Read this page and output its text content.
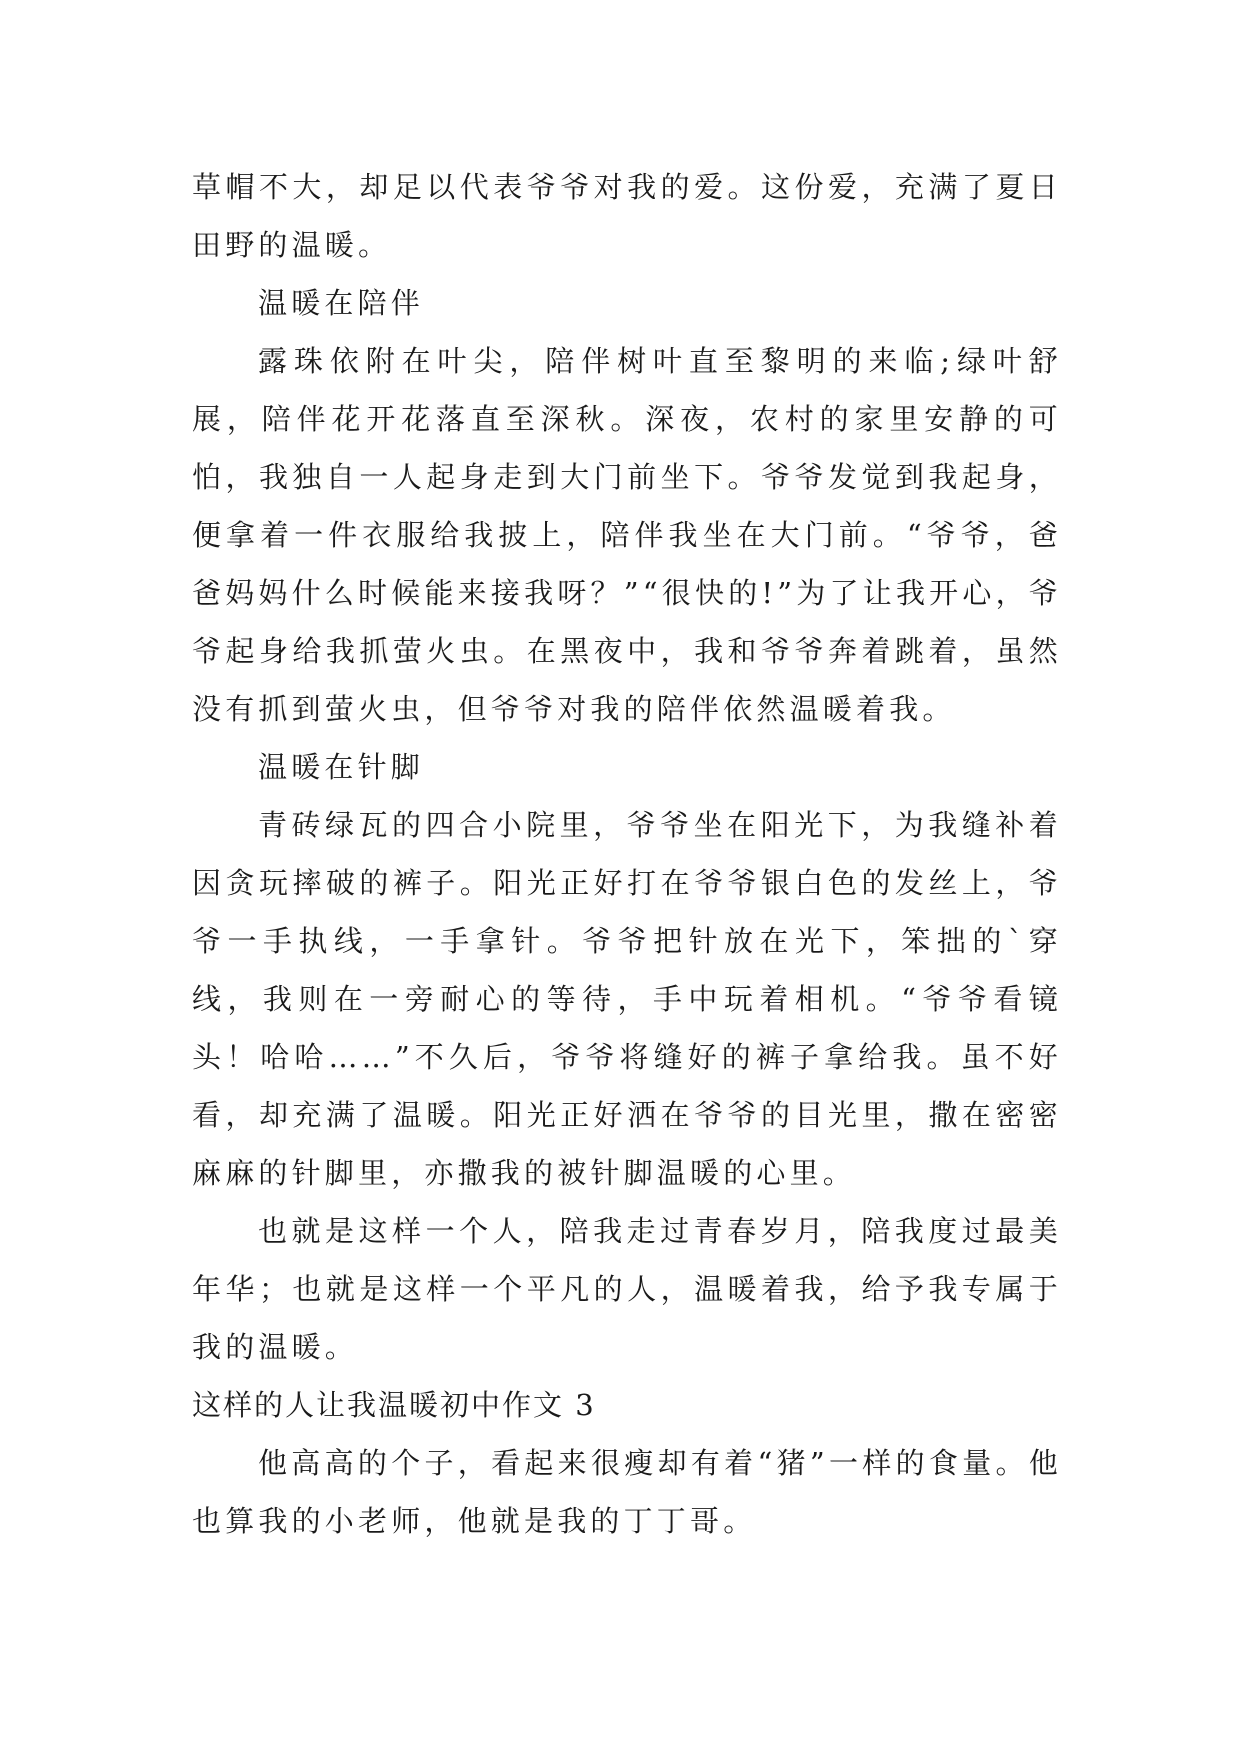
草帽不大，却足以代表爷爷对我的爱。这份爱，充满了夏日田野的温暖。

温暖在陪伴

露珠依附在叶尖，陪伴树叶直至黎明的来临;绿叶舒展，陪伴花开花落直至深秋。深夜，农村的家里安静的可怕，我独自一人起身走到大门前坐下。爷爷发觉到我起身，便拿着一件衣服给我披上，陪伴我坐在大门前。“爷爷，爸爸妈妈什么时候能来接我呀？”“很快的!”为了让我开心，爷爷起身给我抓萤火虫。在黑夜中，我和爷爷奔着跳着，虽然没有抓到萤火虫，但爷爷对我的陪伴依然温暖着我。

温暖在针脚

青砖绿瓦的四合小院里，爷爷坐在阳光下，为我缝补着因贪玩摔破的裤子。阳光正好打在爷爷银白色的发丝上，爷爷一手执线，一手拿针。爷爷把针放在光下，笨拙的`穿线，我则在一旁耐心的等待，手中玩着相机。“爷爷看镜头！哈哈……”不久后，爷爷将缝好的裤子拿给我。虽不好看，却充满了温暖。阳光正好洒在爷爷的目光里，撒在密密麻麻的针脚里，亦撒我的被针脚温暖的心里。

也就是这样一个人，陪我走过青春岁月，陪我度过最美年华；也就是这样一个平凡的人，温暖着我，给予我专属于我的温暖。

这样的人让我温暖初中作文 3

他高高的个子，看起来很瘦却有着“猪”一样的食量。他也算我的小老师，他就是我的丁丁哥。
